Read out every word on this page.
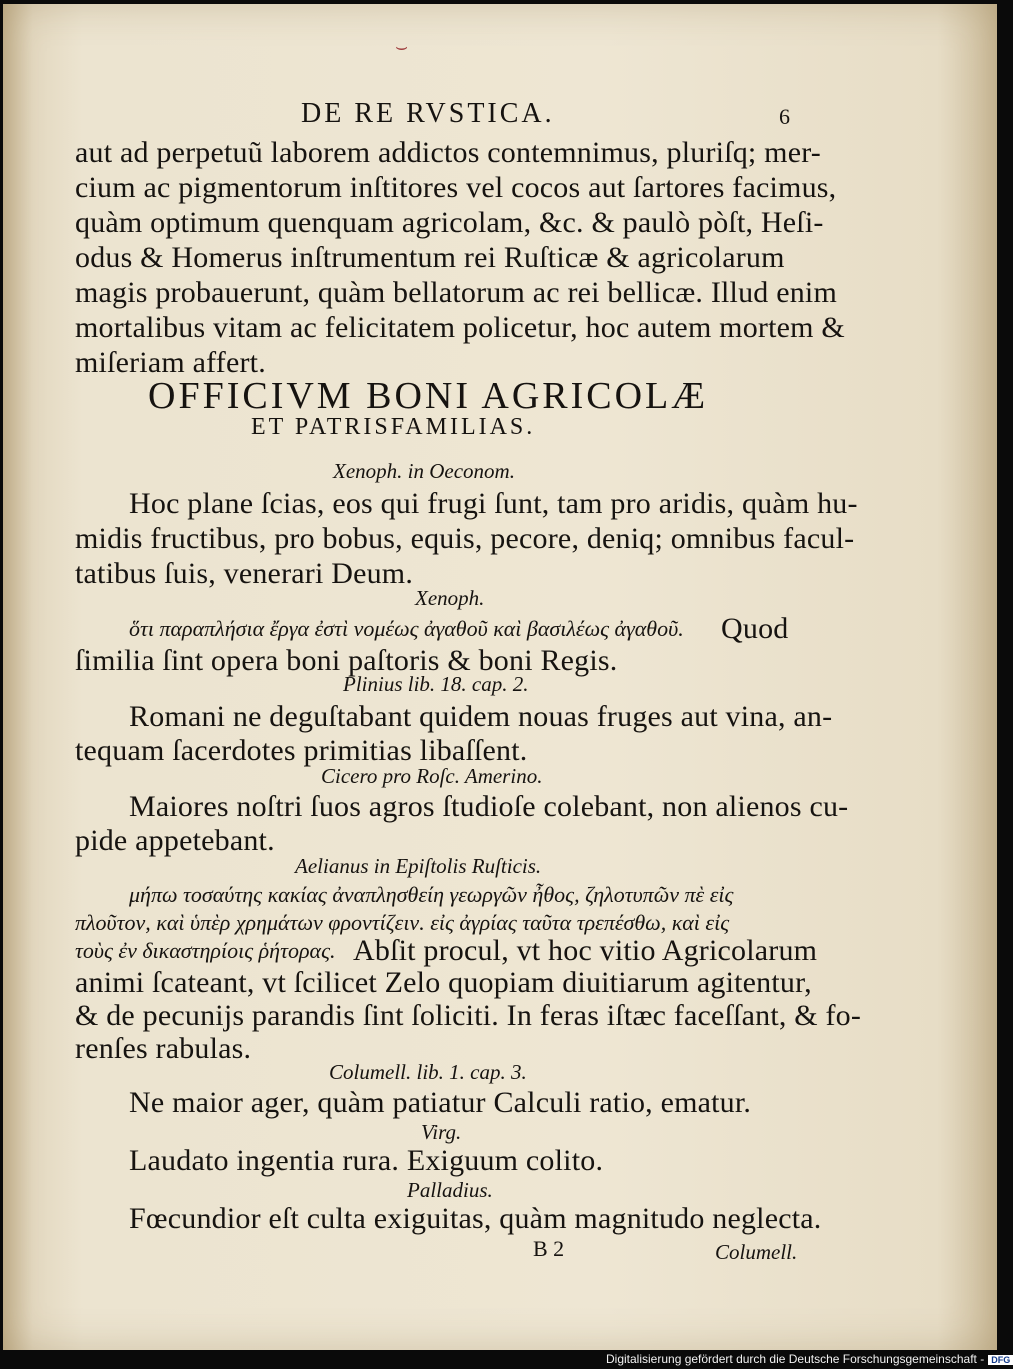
⌣
DE RE RVSTICA.	6
aut ad perpetuũ laborem addictos contemnimus, pluriſq; mer-
cium ac pigmentorum inſtitores vel cocos aut ſartores facimus,
quàm optimum quenquam agricolam, &c. & paulò pòſt, Heſi-
odus & Homerus inſtrumentum rei Ruſticæ & agricolarum
magis probauerunt, quàm bellatorum ac rei bellicæ. Illud enim
mortalibus vitam ac felicitatem policetur, hoc autem mortem &
miſeriam affert.
OFFICIVM BONI AGRICOLÆ
ET PATRISFAMILIAS.
Xenoph. in Oeconom.
Hoc plane ſcias, eos qui frugi ſunt, tam pro aridis, quàm hu-
midis fructibus, pro bobus, equis, pecore, deniq; omnibus facul-
tatibus ſuis, venerari Deum.
Xenoph.
ὅτι παραπλήσια ἔργα ἐστὶ νομέως ἀγαθοῦ καὶ βασιλέως ἀγαθοῦ. Quod
ſimilia ſint opera boni paſtoris & boni Regis.
Plinius lib. 18. cap. 2.
Romani ne deguſtabant quidem nouas fruges aut vina, an-
tequam ſacerdotes primitias libaſſent.
Cicero pro Roſc. Amerino.
Maiores noſtri ſuos agros ſtudioſe colebant, non alienos cu-
pide appetebant.
Aelianus in Epiſtolis Ruſticis.
μήπω τοσαύτης κακίας ἀναπλησθείη γεωργῶν ἦθος, ζηλοτυπῶν πὲ εἰς
πλοῦτον, καὶ ὑπὲρ χρημάτων φροντίζειν. εἰς ἀγρίας ταῦτα τρεπέσθω, καὶ εἰς
τοὺς ἐν δικαστηρίοις ῥήτορας. Abſit procul, vt hoc vitio Agricolarum
animi ſcateant, vt ſcilicet Zelo quopiam diuitiarum agitentur,
& de pecunijs parandis ſint ſoliciti. In feras iſtæc faceſſant, & fo-
renſes rabulas.
Columell. lib. 1. cap. 3.
Ne maior ager, quàm patiatur Calculi ratio, ematur.
Virg.
Laudato ingentia rura. Exiguum colito.
Palladius.
Fœcundior eſt culta exiguitas, quàm magnitudo neglecta.
B 2	Columell.
Digitalisierung gefördert durch die Deutsche Forschungsgemeinschaft - DFG
